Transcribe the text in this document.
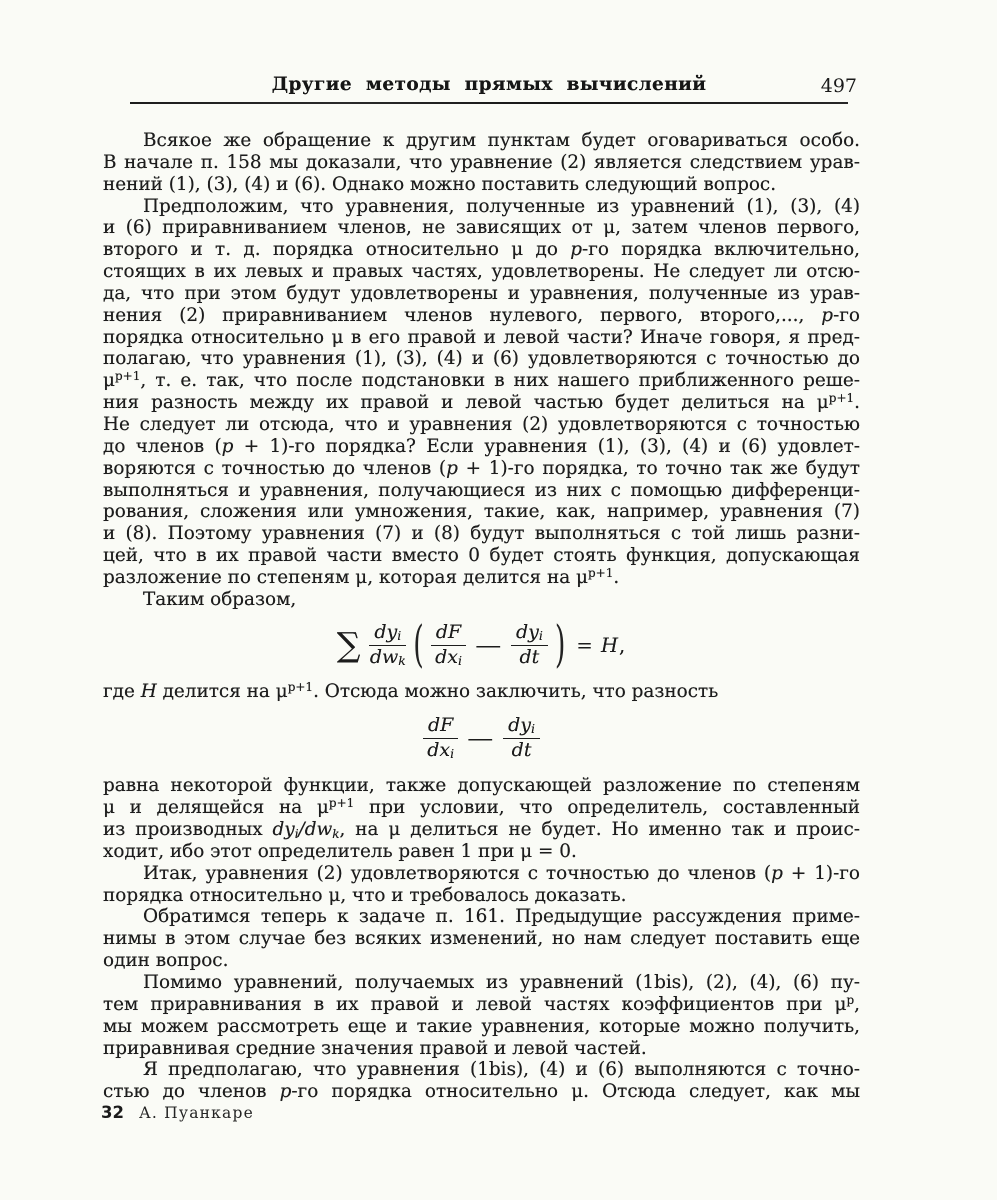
Другие методы прямых вычислений	497
Всякое же обращение к другим пунктам будет оговариваться особо.
В начале п. 158 мы доказали, что уравнение (2) является следствием урав-
нений (1), (3), (4) и (6). Однако можно поставить следующий вопрос.
Предположим, что уравнения, полученные из уравнений (1), (3), (4)
и (6) приравниванием членов, не зависящих от μ, затем членов первого,
второго и т. д. порядка относительно μ до p-го порядка включительно,
стоящих в их левых и правых частях, удовлетворены. Не следует ли отсю-
да, что при этом будут удовлетворены и уравнения, полученные из урав-
нения (2) приравниванием членов нулевого, первого, второго,..., p-го
порядка относительно μ в его правой и левой части? Иначе говоря, я пред-
полагаю, что уравнения (1), (3), (4) и (6) удовлетворяются с точностью до
$\mu^{p+1}$, т. е. так, что после подстановки в них нашего приближенного реше-
ния разность между их правой и левой частью будет делиться на $\mu^{p+1}$.
Не следует ли отсюда, что и уравнения (2) удовлетворяются с точностью
до членов (p + 1)-го порядка? Если уравнения (1), (3), (4) и (6) удовлет-
воряются с точностью до членов (p + 1)-го порядка, то точно так же будут
выполняться и уравнения, получающиеся из них с помощью дифференци-
рования, сложения или умножения, такие, как, например, уравнения (7)
и (8). Поэтому уравнения (7) и (8) будут выполняться с той лишь разни-
цей, что в их правой части вместо 0 будет стоять функция, допускающая
разложение по степеням μ, которая делится на $\mu^{p+1}$.
Таким образом,
∑ $\frac{dy_i}{dw_k}$ ( $\frac{dF}{dx_i} - \frac{dy_i}{dt}$ ) = H,
где H делится на $\mu^{p+1}$. Отсюда можно заключить, что разность
$\frac{dF}{dx_i} - \frac{dy_i}{dt}$
равна некоторой функции, также допускающей разложение по степеням
μ и делящейся на $\mu^{p+1}$ при условии, что определитель, составленный
из производных $dy_i/dw_k$, на μ делиться не будет. Но именно так и проис-
ходит, ибо этот определитель равен 1 при μ = 0.
Итак, уравнения (2) удовлетворяются с точностью до членов (p + 1)-го
порядка относительно μ, что и требовалось доказать.
Обратимся теперь к задаче п. 161. Предыдущие рассуждения приме-
нимы в этом случае без всяких изменений, но нам следует поставить еще
один вопрос.
Помимо уравнений, получаемых из уравнений (1bis), (2), (4), (6) пу-
тем приравнивания в их правой и левой частях коэффициентов при $\mu^p$,
мы можем рассмотреть еще и такие уравнения, которые можно получить,
приравнивая средние значения правой и левой частей.
Я предполагаю, что уравнения (1bis), (4) и (6) выполняются с точно-
стью до членов p-го порядка относительно μ. Отсюда следует, как мы
32 А. Пуанкаре
